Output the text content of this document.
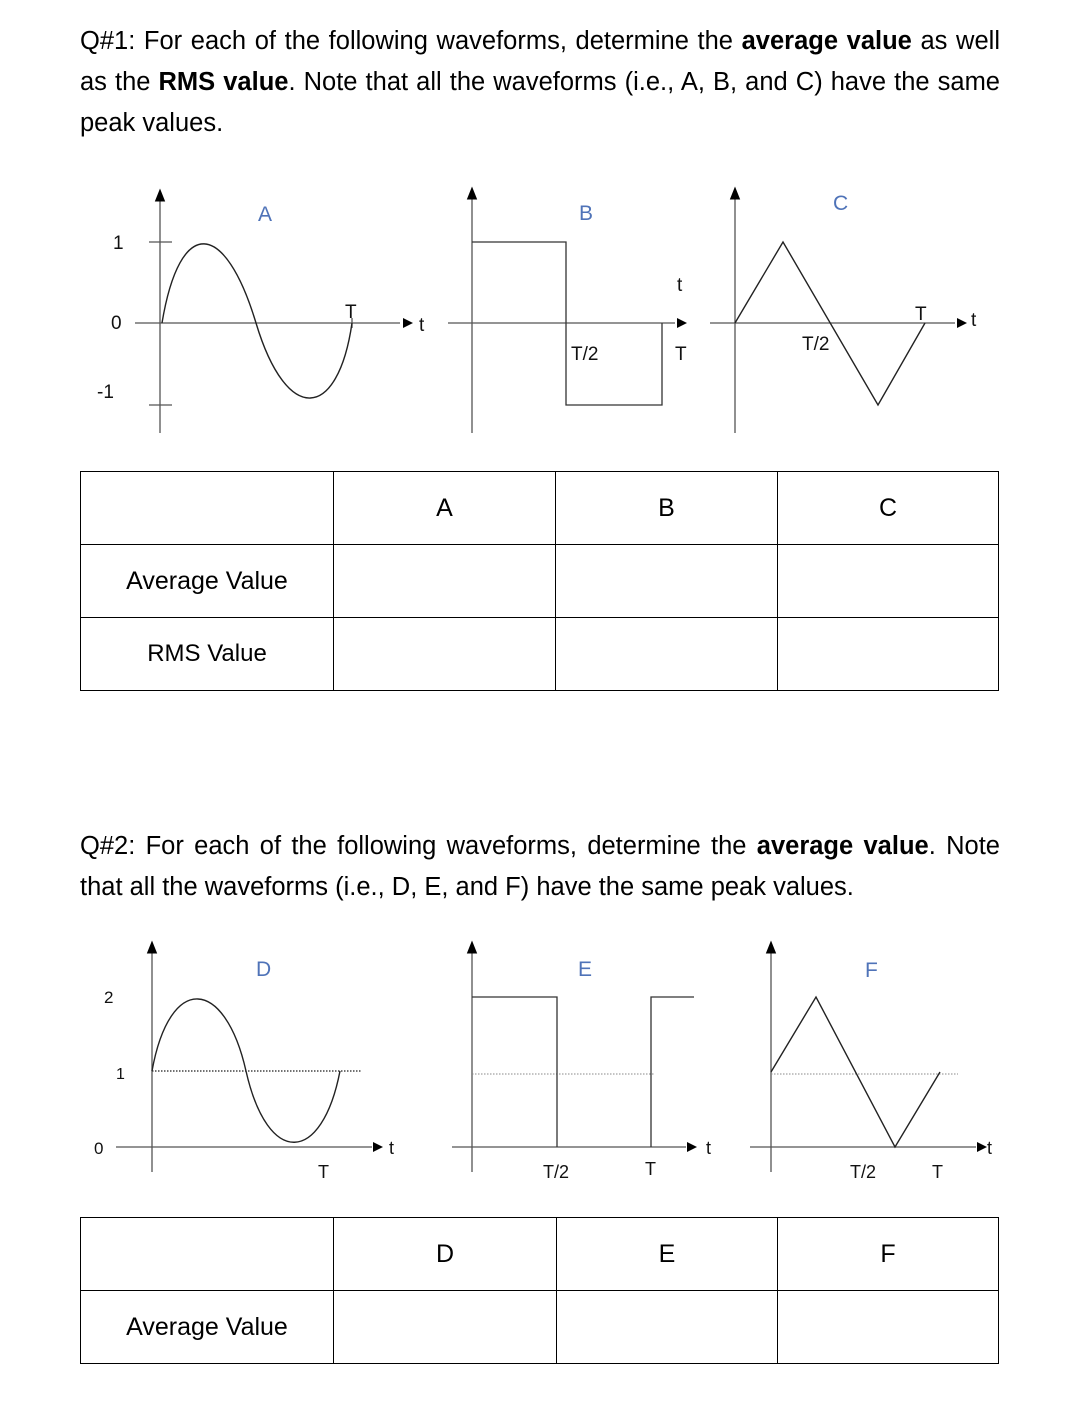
Q#1: For each of the following waveforms, determine the average value as well as the RMS value. Note that all the waveforms (i.e., A, B, and C) have the same peak values.
A
1
0
-1
T
t
B
T/2	T
t
C
T/2
T t
	A	B	C
Average Value			
RMS Value			
Q#2: For each of the following waveforms, determine the average value. Note that all the waveforms (i.e., D, E, and F) have the same peak values.
D
2
1
0
T
t
E
T/2	T
t
F
T/2	T
t
	D	E	F
Average Value			
